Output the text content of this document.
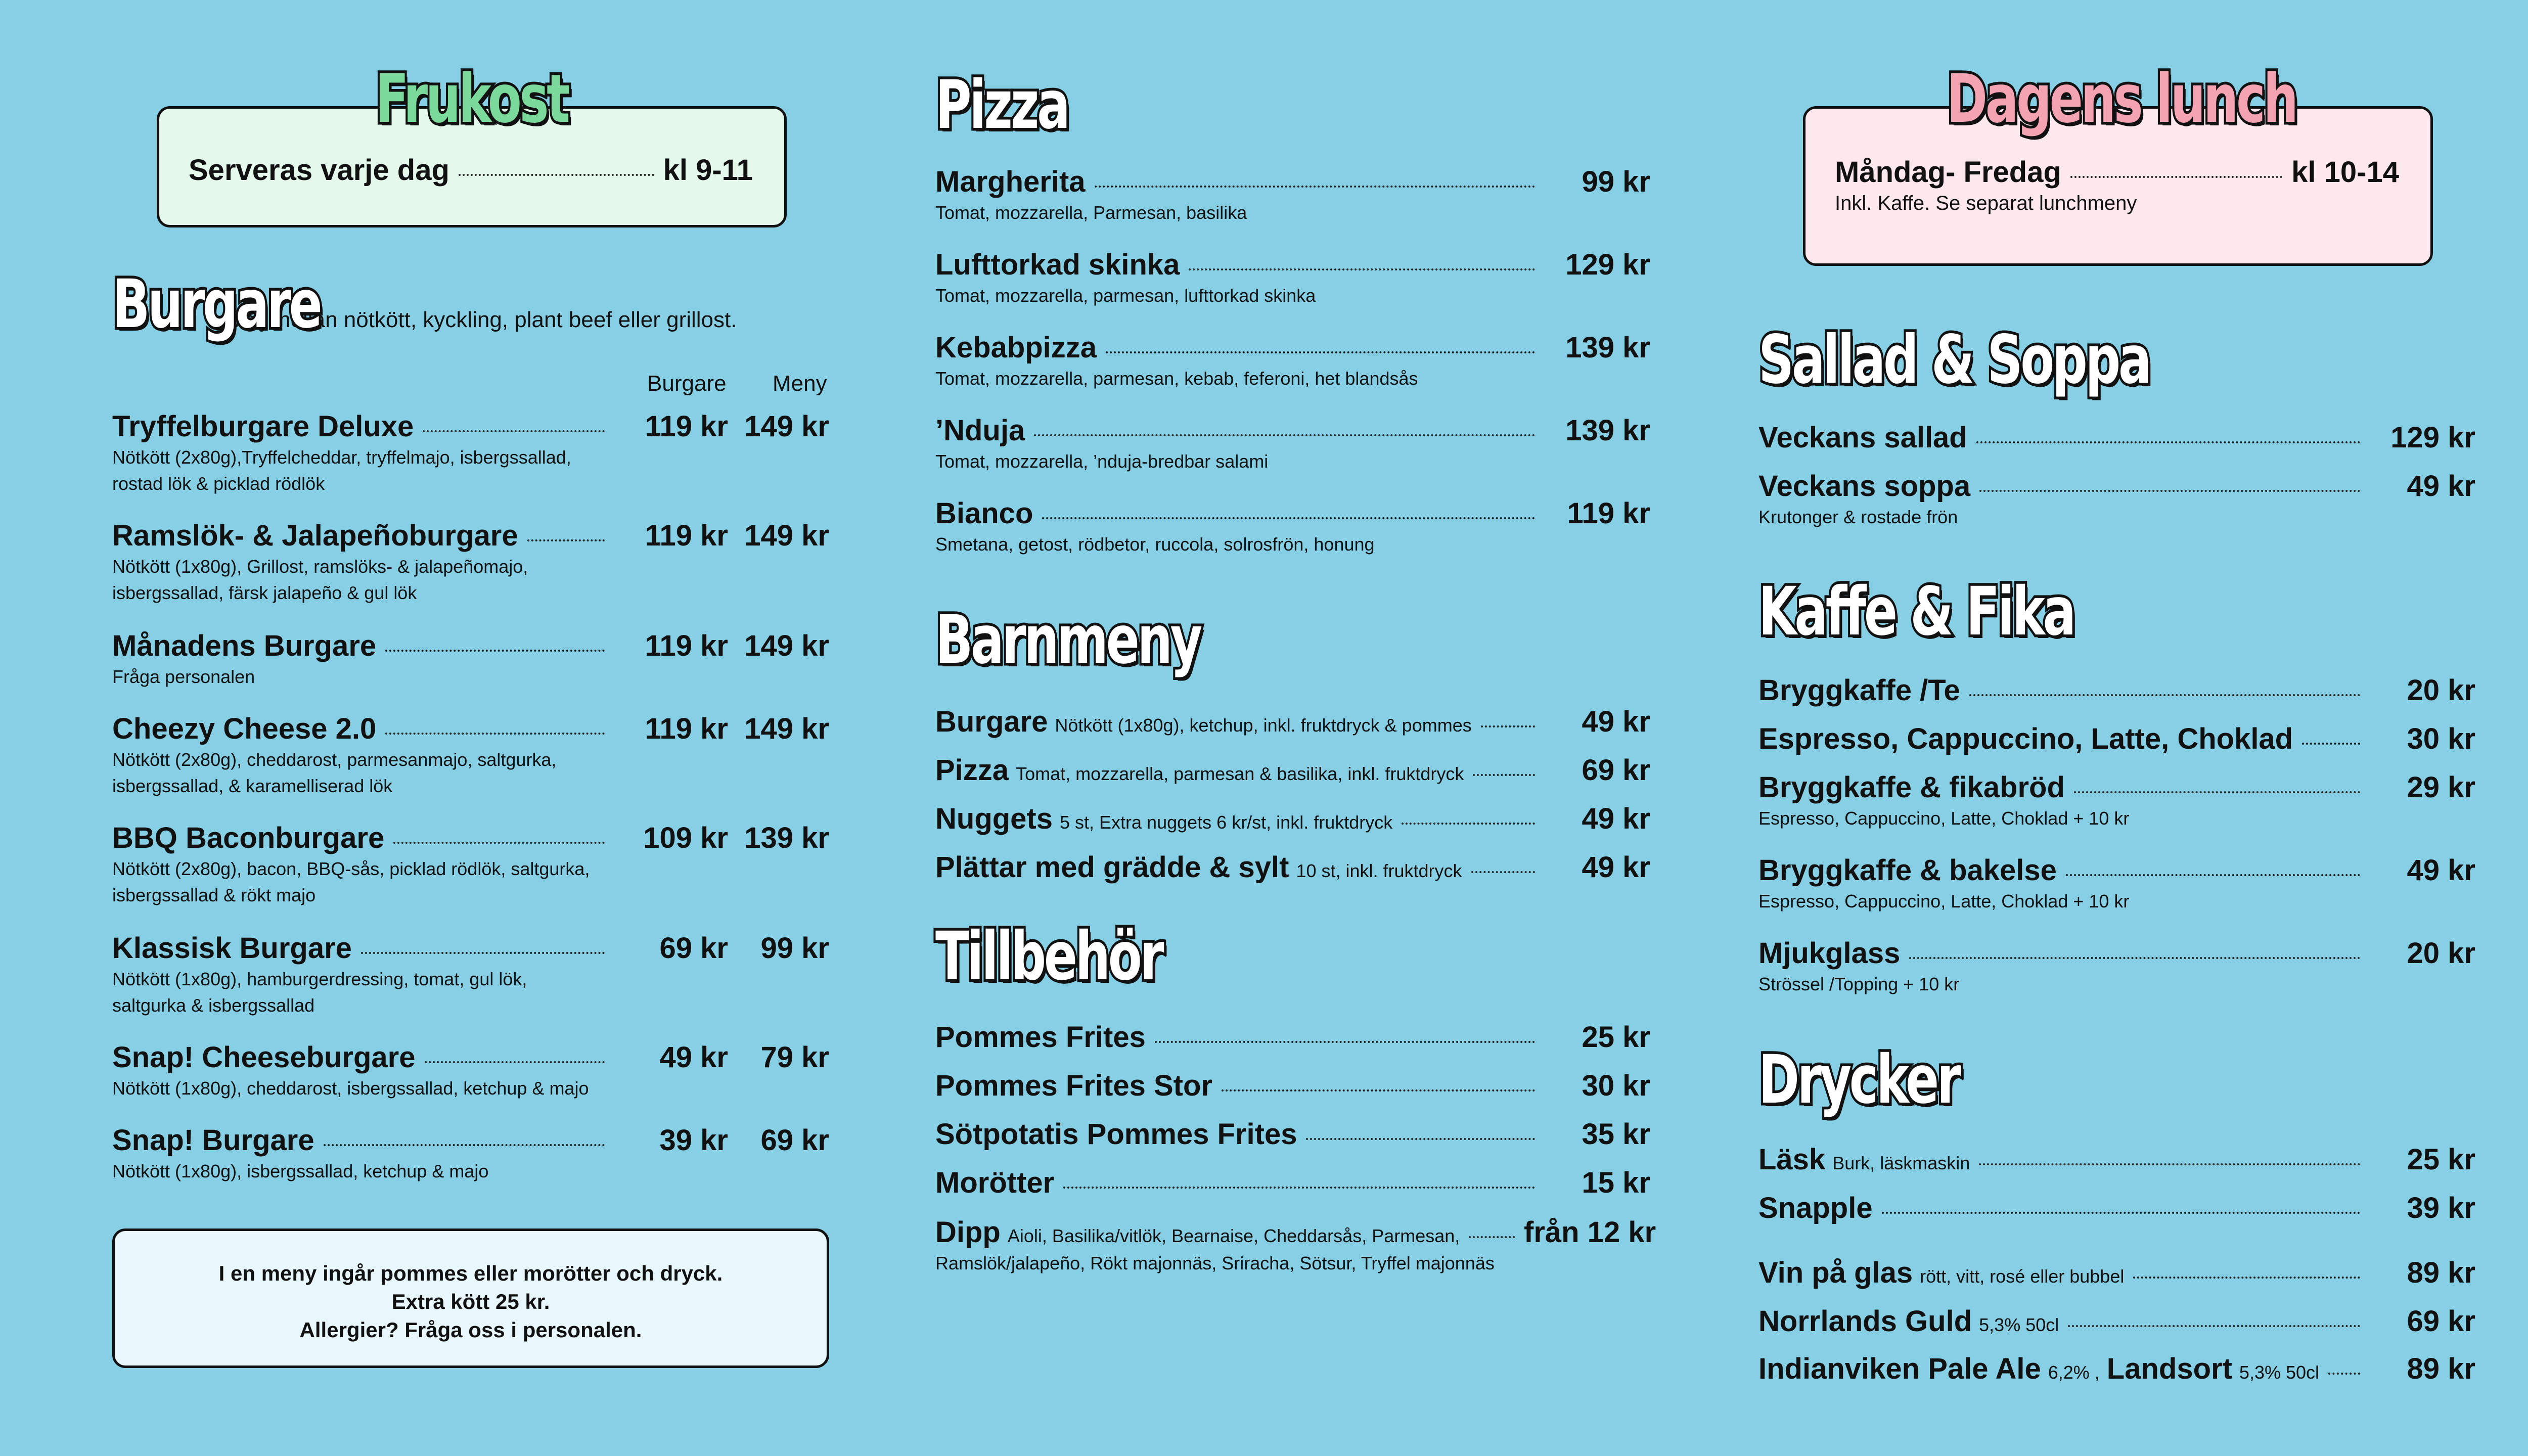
Serveras varje dag	kl 9-11
Frukost
Burgare Välj mellan nötkött, kyckling, plant beef eller grillost.
Burgare Meny
Tryffelburgare Deluxe	119 kr 149 kr
Nötkött (2x80g),Tryffelcheddar, tryffelmajo, isbergssallad,
rostad lök & picklad rödlök
Ramslök- & Jalapeñoburgare	119 kr 149 kr
Nötkött (1x80g), Grillost, ramslöks- & jalapeñomajo,
isbergssallad, färsk jalapeño & gul lök
Månadens Burgare	119 kr 149 kr
Fråga personalen
Cheezy Cheese 2.0	119 kr 149 kr
Nötkött (2x80g), cheddarost, parmesanmajo, saltgurka,
isbergssallad, & karamelliserad lök
BBQ Baconburgare	109 kr 139 kr
Nötkött (2x80g), bacon, BBQ-sås, picklad rödlök, saltgurka,
isbergssallad & rökt majo
Klassisk Burgare	69 kr	99 kr
Nötkött (1x80g), hamburgerdressing, tomat, gul lök,
saltgurka & isbergssallad
Snap! Cheeseburgare	49 kr	79 kr
Nötkött (1x80g), cheddarost, isbergssallad, ketchup & majo
Snap! Burgare	39 kr	69 kr
Nötkött (1x80g), isbergssallad, ketchup & majo
I en meny ingår pommes eller morötter och dryck.
Extra kött 25 kr.
Allergier? Fråga oss i personalen.
Pizza
Margherita	99 kr
Tomat, mozzarella, Parmesan, basilika
Lufttorkad skinka	129 kr
Tomat, mozzarella, parmesan, lufttorkad skinka
Kebabpizza	139 kr
Tomat, mozzarella, parmesan, kebab, feferoni, het blandsås
’Nduja	139 kr
Tomat, mozzarella, ’nduja-bredbar salami
Bianco	119 kr
Smetana, getost, rödbetor, ruccola, solrosfrön, honung
Barnmeny
Burgare Nötkött (1x80g), ketchup, inkl. fruktdryck & pommes	49 kr
Pizza Tomat, mozzarella, parmesan & basilika, inkl. fruktdryck	69 kr
Nuggets 5 st, Extra nuggets 6 kr/st, inkl. fruktdryck	49 kr
Plättar med grädde & sylt 10 st, inkl. fruktdryck	49 kr
Tillbehör
Pommes Frites	25 kr
Pommes Frites Stor	30 kr
Sötpotatis Pommes Frites	35 kr
Morötter	15 kr
Dipp Aioli, Basilika/vitlök, Bearnaise, Cheddarsås, Parmesan, från 12 kr
Ramslök/jalapeño, Rökt majonnäs, Sriracha, Sötsur, Tryffel majonnäs
Måndag- Fredag	kl 10-14
Inkl. Kaffe. Se separat lunchmeny
Dagens lunch
Sallad & Soppa
Veckans sallad	129 kr
Veckans soppa	49 kr
Krutonger & rostade frön
Kaffe & Fika
Bryggkaffe /Te	20 kr
Espresso, Cappuccino, Latte, Choklad	30 kr
Bryggkaffe & fikabröd	29 kr
Espresso, Cappuccino, Latte, Choklad + 10 kr
Bryggkaffe & bakelse	49 kr
Espresso, Cappuccino, Latte, Choklad + 10 kr
Mjukglass	20 kr
Strössel /Topping + 10 kr
Drycker
Läsk Burk, läskmaskin	25 kr
Snapple	39 kr
Vin på glas rött, vitt, rosé eller bubbel	89 kr
Norrlands Guld 5,3% 50cl	69 kr
Indianviken Pale Ale 6,2% , Landsort 5,3% 50cl	89 kr
